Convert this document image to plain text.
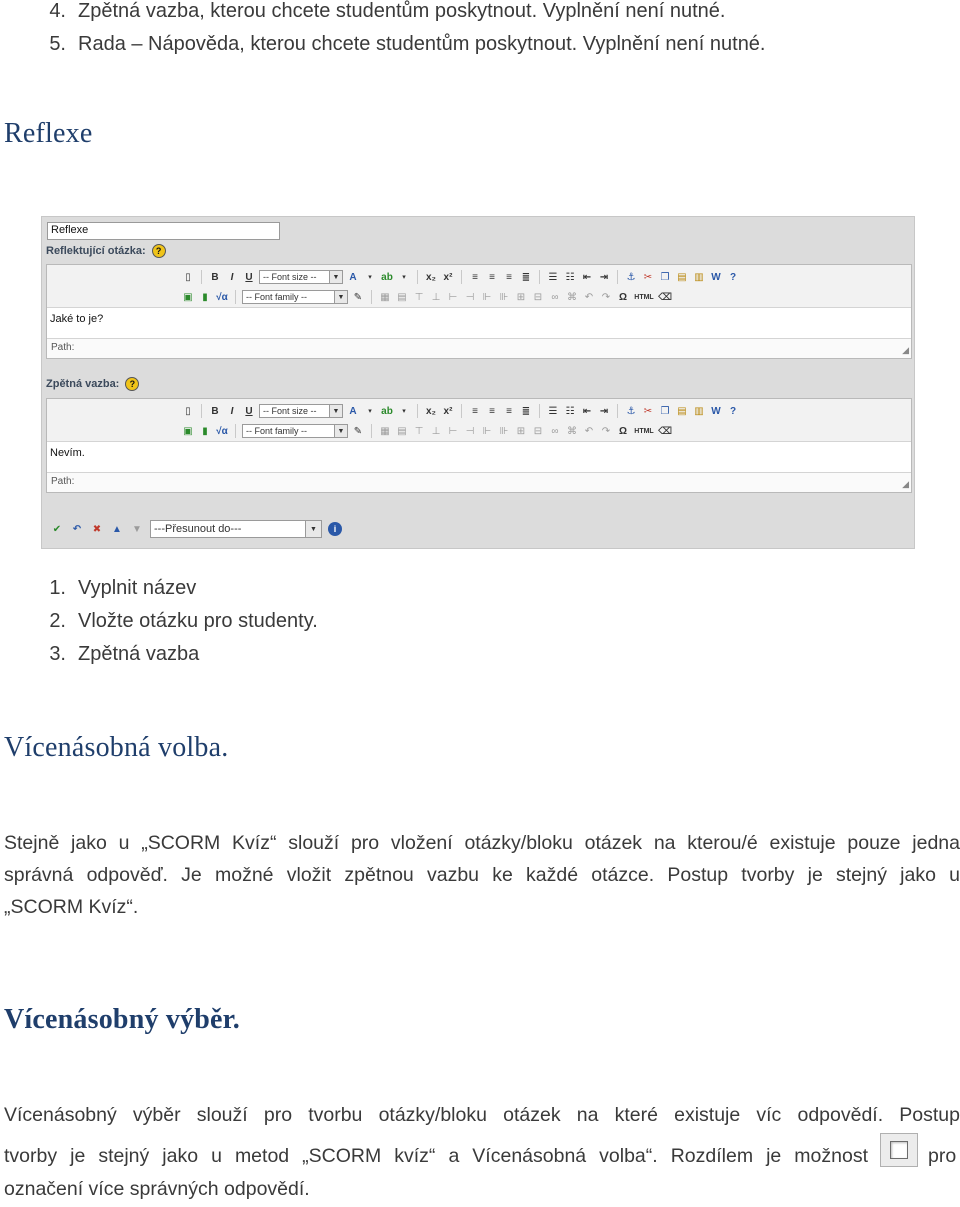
4. Zpětná vazba, kterou chcete studentům poskytnout. Vyplnění není nutné.
5. Rada – Nápověda, kterou chcete studentům poskytnout. Vyplnění není nutné.
Reflexe
Reflexe
Reflektující otázka: ?
▯	B	I	U	-- Font size --	▼ A	▾ ab	▾	x₂ x²	≡	≡	≡ ≣ ☰ ☷ ⇤ ⇥ ⚓ ✂ ❐ ▤ ▥ W ?
▣ ▮ √α -- Font family --	▼ ✎ ▦ ▤ ⊤ ⊥ ⊢ ⊣ ⊩ ⊪ ⊞ ⊟ ∞ ⌘ ↶ ↷ Ω	HTML ⌫
Jaké to je?
Path:	◢
Zpětná vazba: ?
▯	B	I	U	-- Font size --	▼ A	▾ ab	▾	x₂ x²	≡	≡	≡ ≣ ☰ ☷ ⇤ ⇥ ⚓ ✂ ❐ ▤ ▥ W ?
▣ ▮ √α -- Font family --	▼ ✎ ▦ ▤ ⊤ ⊥ ⊢ ⊣ ⊩ ⊪ ⊞ ⊟ ∞ ⌘ ↶ ↷ Ω	HTML ⌫
Nevím.
Path:	◢
✔ ↶ ✖ ▲ ▼ ---Přesunout do---	▼	i
1. Vyplnit název
2. Vložte otázku pro studenty.
3. Zpětná vazba
Vícenásobná volba.
Stejně jako u „SCORM Kvíz“ slouží pro vložení otázky/bloku otázek na kterou/é existuje pouze jedna
správná odpověď. Je možné vložit zpětnou vazbu ke každé otázce. Postup tvorby je stejný jako u
„SCORM Kvíz“.
Vícenásobný výběr.
Vícenásobný výběr slouží pro tvorbu otázky/bloku otázek na které existuje víc odpovědí. Postup
tvorby je stejný jako u metod „SCORM kvíz“ a Vícenásobná volba“. Rozdílem je možnost	pro
označení více správných odpovědí.
